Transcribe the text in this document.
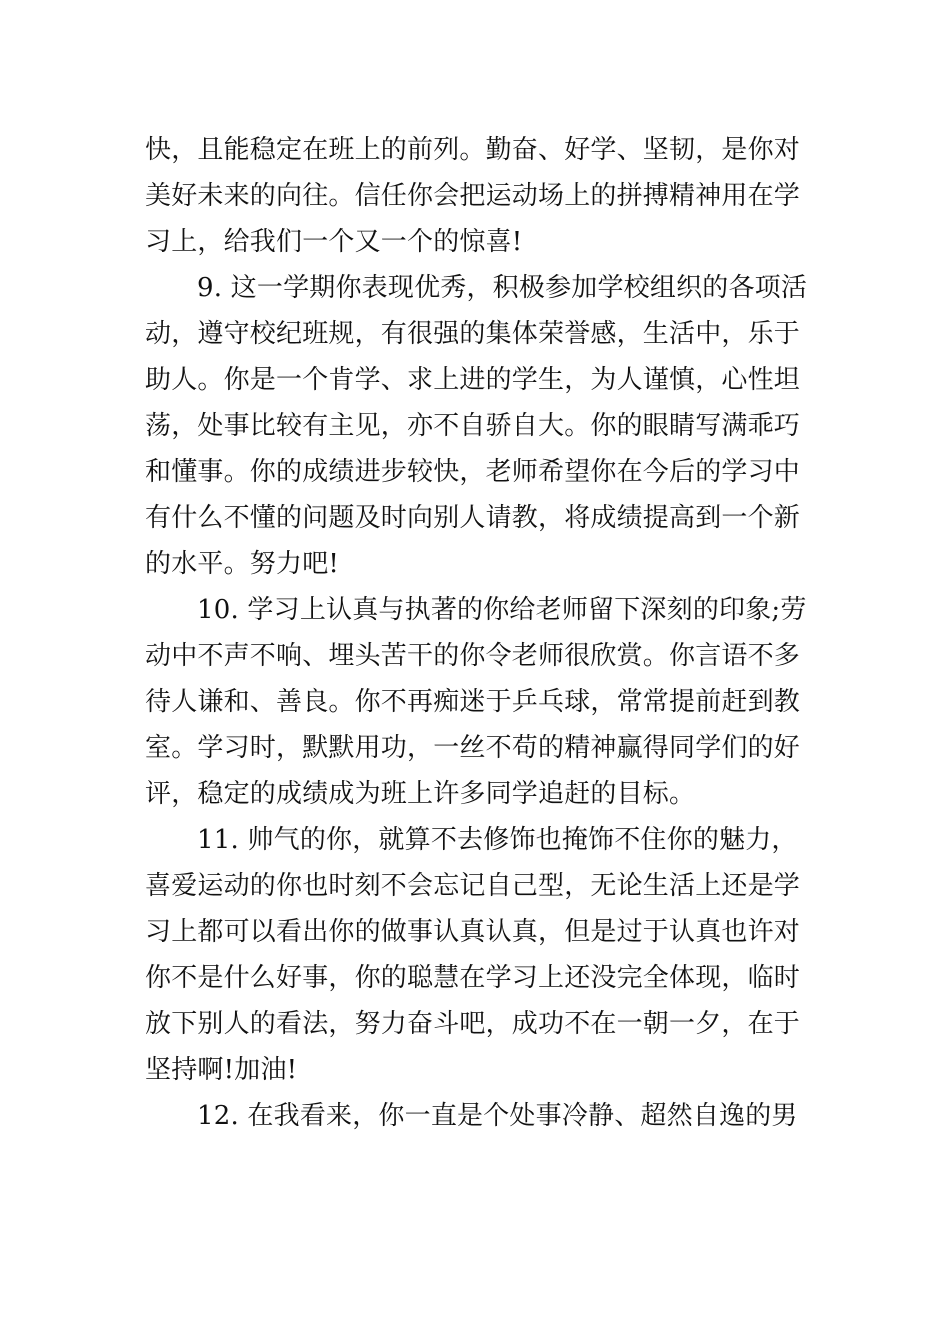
快，且能稳定在班上的前列。勤奋、好学、坚韧，是你对
美好未来的向往。信任你会把运动场上的拼搏精神用在学
习上，给我们一个又一个的惊喜!
9. 这一学期你表现优秀，积极参加学校组织的各项活
动，遵守校纪班规，有很强的集体荣誉感，生活中，乐于
助人。你是一个肯学、求上进的学生，为人谨慎，心性坦
荡，处事比较有主见，亦不自骄自大。你的眼睛写满乖巧
和懂事。你的成绩进步较快，老师希望你在今后的学习中
有什么不懂的问题及时向别人请教，将成绩提高到一个新
的水平。努力吧!
10. 学习上认真与执著的你给老师留下深刻的印象;劳
动中不声不响、埋头苦干的你令老师很欣赏。你言语不多
待人谦和、善良。你不再痴迷于乒乓球，常常提前赶到教
室。学习时，默默用功，一丝不苟的精神赢得同学们的好
评，稳定的成绩成为班上许多同学追赶的目标。
11. 帅气的你，就算不去修饰也掩饰不住你的魅力，
喜爱运动的你也时刻不会忘记自己型，无论生活上还是学
习上都可以看出你的做事认真认真，但是过于认真也许对
你不是什么好事，你的聪慧在学习上还没完全体现，临时
放下别人的看法，努力奋斗吧，成功不在一朝一夕，在于
坚持啊!加油!
12. 在我看来，你一直是个处事冷静、超然自逸的男
